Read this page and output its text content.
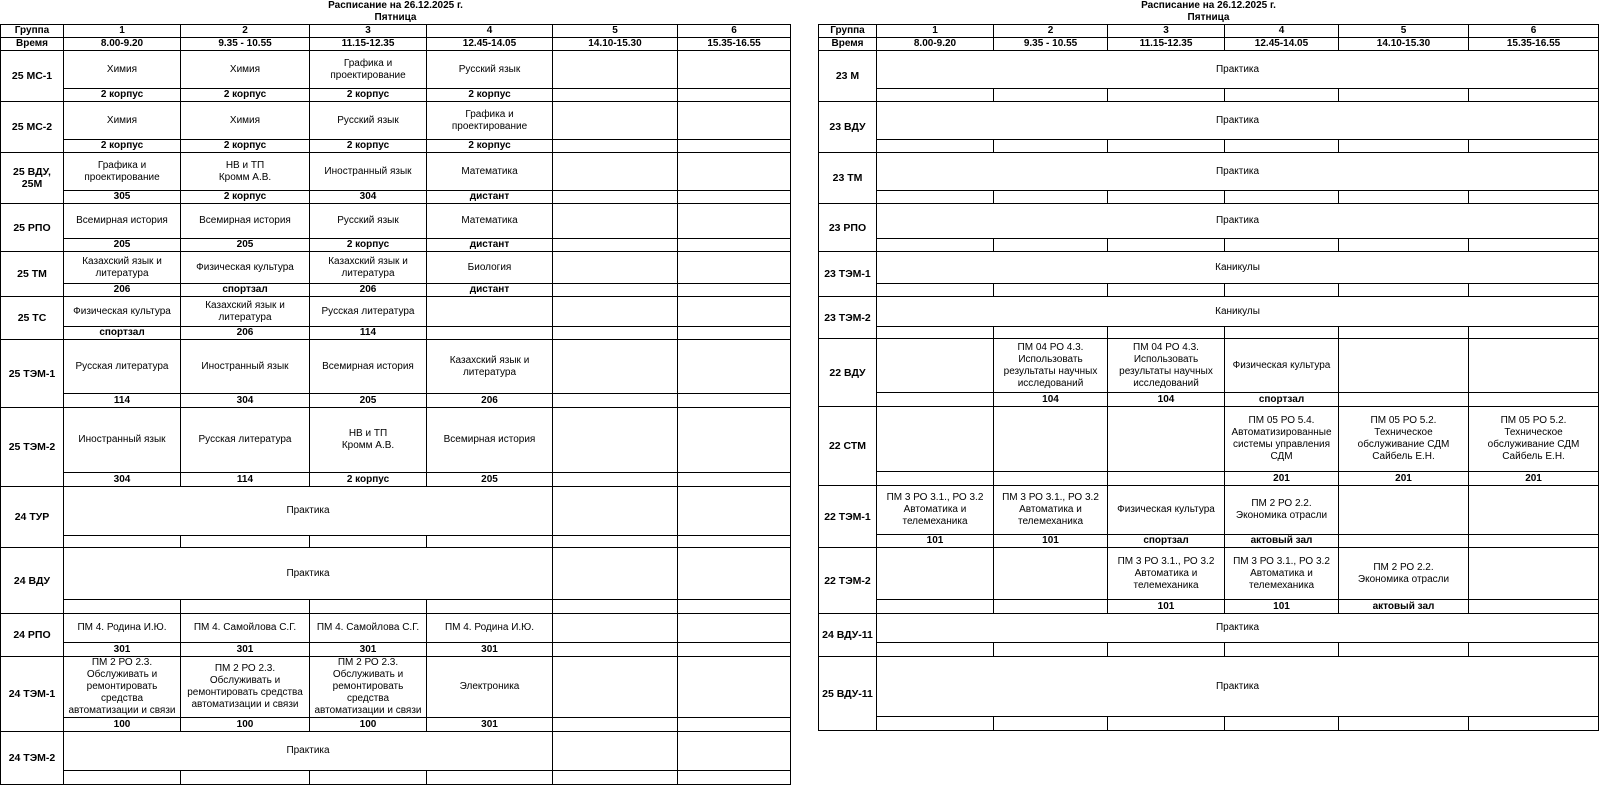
Расписание на 26.12.2025 г.						
Пятница						
Группа	1	2	3	4	5	6
Время	8.00-9.20	9.35 - 10.55	11.15-12.35	12.45-14.05	14.10-15.30	15.35-16.55
25 МС-1	Химия	Химия	Графика и
проектирование	Русский язык		
	2 корпус	2 корпус	2 корпус	2 корпус		
25 МС-2	Химия	Химия	Русский язык	Графика и
проектирование		
	2 корпус	2 корпус	2 корпус	2 корпус		
25 ВДУ,
25М	Графика и
проектирование	НВ и ТП
Кромм А.В.	Иностранный язык	Математика		
	305	2 корпус	304	дистант		
25 РПО	Всемирная история	Всемирная история	Русский язык	Математика		
	205	205	2 корпус	дистант		
25 ТМ	Казахский язык и
литература	Физическая культура	Казахский язык и
литература	Биология		
	206	спортзал	206	дистант		
25 ТС	Физическая культура	Казахский язык и
литература	Русская литература			
	спортзал	206	114			
25 ТЭМ-1	Русская литература	Иностранный язык	Всемирная история	Казахский язык и
литература		
	114	304	205	206		
25 ТЭМ-2	Иностранный язык	Русская литература	НВ и ТП
Кромм А.В.	Всемирная история		
	304	114	2 корпус	205		
24 ТУР	Практика					

24 ВДУ	Практика					

24 РПО	ПМ 4. Родина И.Ю.	ПМ 4. Самойлова С.Г.	ПМ 4. Самойлова С.Г.	ПМ 4. Родина И.Ю.		
	301	301	301	301		
24 ТЭМ-1	ПМ 2 РО 2.3.
Обслуживать и
ремонтировать
средства
автоматизации и связи	ПМ 2 РО 2.3.
Обслуживать и
ремонтировать средства
автоматизации и связи	ПМ 2 РО 2.3.
Обслуживать и
ремонтировать средства
автоматизации и связи	Электроника		
	100	100	100	301		
24 ТЭМ-2	Практика					

Расписание на 26.12.2025 г.						
Пятница						
Группа	1	2	3	4	5	6
Время	8.00-9.20	9.35 - 10.55	11.15-12.35	12.45-14.05	14.10-15.30	15.35-16.55
23 М	Практика					

23 ВДУ	Практика					

23 ТМ	Практика					

23 РПО	Практика					

23 ТЭМ-1	Каникулы					

23 ТЭМ-2	Каникулы					

22 ВДУ		ПМ 04 РО 4.3.
Использовать
результаты научных
исследований	ПМ 04 РО 4.3.
Использовать
результаты научных
исследований	Физическая культура		
		104	104	спортзал		
22 СТМ				ПМ 05 РО 5.4.
Автоматизированные
системы управления
СДМ	ПМ 05 РО 5.2.
Техническое
обслуживание СДМ
Сайбель Е.Н.	ПМ 05 РО 5.2.
Техническое
обслуживание СДМ
Сайбель Е.Н.
				201	201	201
22 ТЭМ-1	ПМ 3 РО 3.1., РО 3.2
Автоматика и
телемеханика	ПМ 3 РО 3.1., РО 3.2
Автоматика и
телемеханика	Физическая культура	ПМ 2 РО 2.2.
Экономика отрасли		
	101	101	спортзал	актовый зал		
22 ТЭМ-2			ПМ 3 РО 3.1., РО 3.2
Автоматика и
телемеханика	ПМ 3 РО 3.1., РО 3.2
Автоматика и
телемеханика	ПМ 2 РО 2.2.
Экономика отрасли	
			101	101	актовый зал	
24 ВДУ-11	Практика					

25 ВДУ-11	Практика					
